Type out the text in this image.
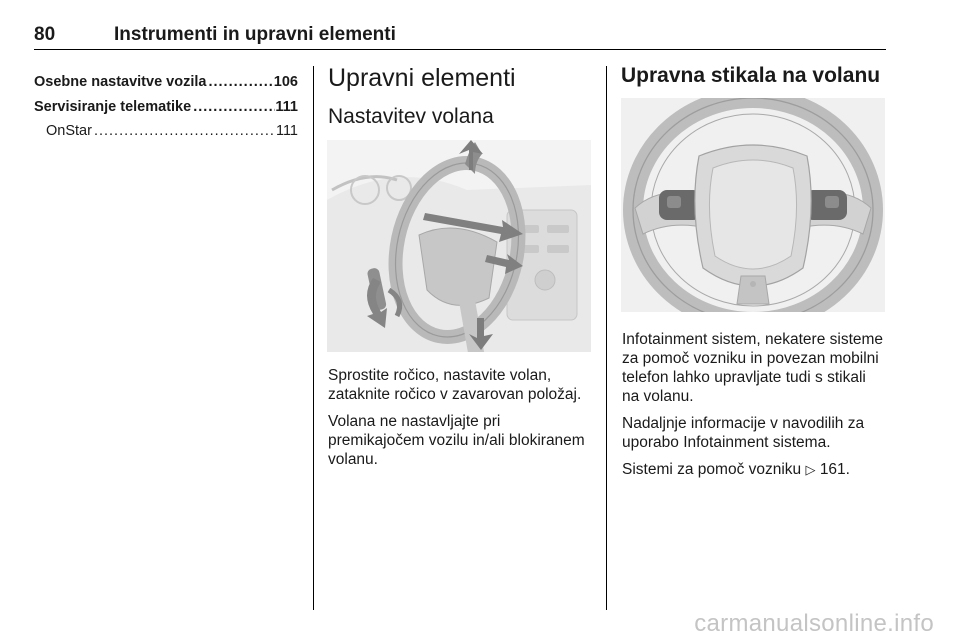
80	Instrumenti in upravni elementi
Osebne nastavitve vozila .....	106
Servisiranje telematike .....	111
OnStar .....	111
Upravni elementi
Nastavitev volana

Sprostite ročico, nastavite volan, zataknite ročico v zavarovan položaj.

Volana ne nastavljajte pri premikajočem vozilu in/ali blokiranem volanu.

Upravna stikala na volanu

Infotainment sistem, nekatere sisteme za pomoč vozniku in povezan mobilni telefon lahko upravljate tudi s stikali na volanu.

Nadaljnje informacije v navodilih za uporabo Infotainment sistema.

Sistemi za pomoč vozniku ▷ 161.

carmanualsonline.info
